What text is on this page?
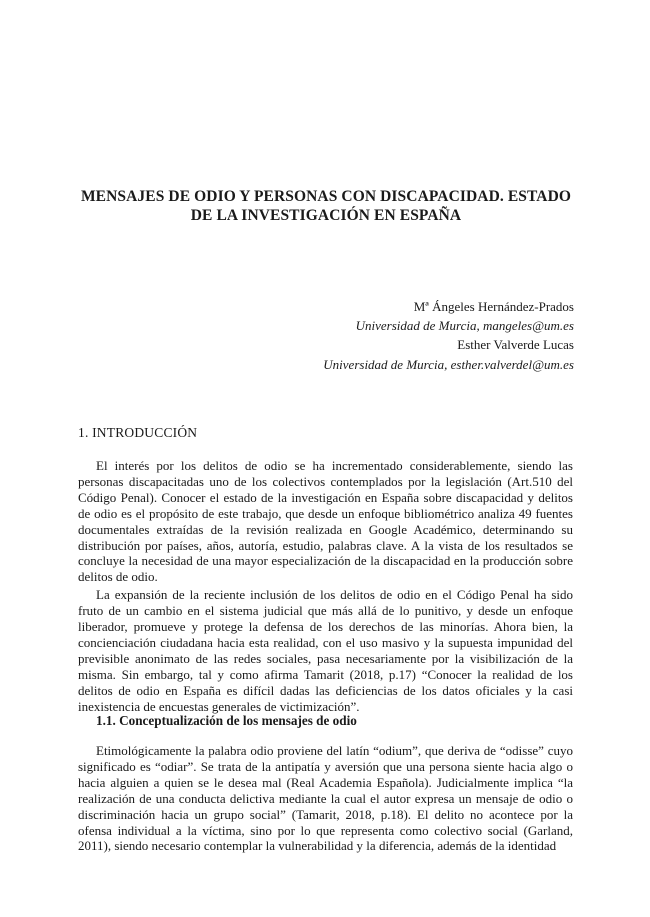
MENSAJES DE ODIO Y PERSONAS CON DISCAPACIDAD. ESTADO
DE LA INVESTIGACIÓN EN ESPAÑA
Mª Ángeles Hernández-Prados
Universidad de Murcia, mangeles@um.es
Esther Valverde Lucas
Universidad de Murcia, esther.valverdel@um.es
1. INTRODUCCIÓN

El interés por los delitos de odio se ha incrementado considerablemente, siendo las personas discapacitadas uno de los colectivos contemplados por la legislación (Art.510 del Código Penal). Conocer el estado de la investigación en España sobre discapacidad y delitos de odio es el propósito de este trabajo, que desde un enfoque bibliométrico analiza 49 fuentes documentales extraídas de la revisión realizada en Google Académico, determinando su distribución por países, años, autoría, estudio, palabras clave. A la vista de los resultados se concluye la necesidad de una mayor especialización de la discapacidad en la producción sobre delitos de odio.

La expansión de la reciente inclusión de los delitos de odio en el Código Penal ha sido fruto de un cambio en el sistema judicial que más allá de lo punitivo, y desde un enfoque liberador, promueve y protege la defensa de los derechos de las minorías. Ahora bien, la concienciación ciudadana hacia esta realidad, con el uso masivo y la supuesta impunidad del previsible anonimato de las redes sociales, pasa necesariamente por la visibilización de la misma. Sin embargo, tal y como afirma Tamarit (2018, p.17) “Conocer la realidad de los delitos de odio en España es difícil dadas las deficiencias de los datos oficiales y la casi inexistencia de encuestas generales de victimización”.

1.1. Conceptualización de los mensajes de odio

Etimológicamente la palabra odio proviene del latín “odium”, que deriva de “odisse” cuyo significado es “odiar”. Se trata de la antipatía y aversión que una persona siente hacia algo o hacia alguien a quien se le desea mal (Real Academia Española). Judicialmente implica “la realización de una conducta delictiva mediante la cual el autor expresa un mensaje de odio o discriminación hacia un grupo social” (Tamarit, 2018, p.18). El delito no acontece por la ofensa individual a la víctima, sino por lo que representa como colectivo social (Garland, 2011), siendo necesario contemplar la vulnerabilidad y la diferencia, además de la identidad
